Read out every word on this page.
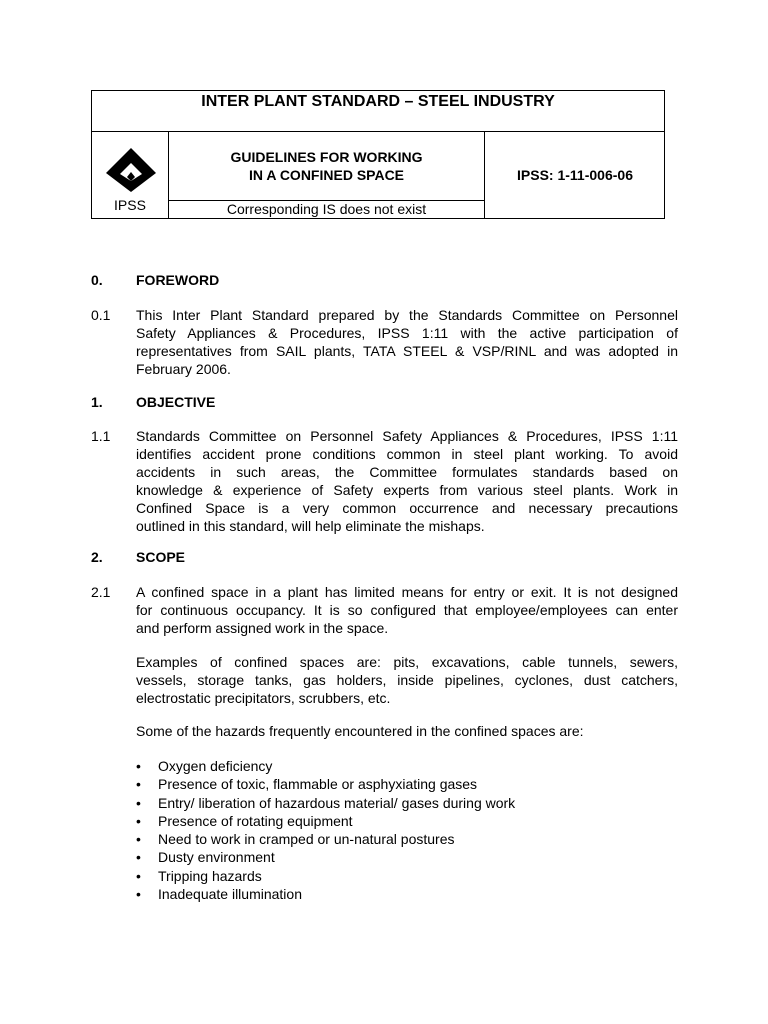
INTER PLANT STANDARD – STEEL INDUSTRY
IPSS
GUIDELINES FOR WORKING
IN A CONFINED SPACE
Corresponding IS does not exist
IPSS: 1-11-006-06
0. FOREWORD
0.1 This Inter Plant Standard prepared by the Standards Committee on Personnel
Safety Appliances & Procedures, IPSS 1:11 with the active participation of
representatives from SAIL plants, TATA STEEL & VSP/RINL and was adopted in
February 2006.
1. OBJECTIVE
1.1 Standards Committee on Personnel Safety Appliances & Procedures, IPSS 1:11
identifies accident prone conditions common in steel plant working. To avoid
accidents in such areas, the Committee formulates standards based on
knowledge & experience of Safety experts from various steel plants. Work in
Confined Space is a very common occurrence and necessary precautions
outlined in this standard, will help eliminate the mishaps.
2. SCOPE
2.1 A confined space in a plant has limited means for entry or exit. It is not designed
for continuous occupancy. It is so configured that employee/employees can enter
and perform assigned work in the space.
Examples of confined spaces are: pits, excavations, cable tunnels, sewers,
vessels, storage tanks, gas holders, inside pipelines, cyclones, dust catchers,
electrostatic precipitators, scrubbers, etc.
Some of the hazards frequently encountered in the confined spaces are:
• Oxygen deficiency
• Presence of toxic, flammable or asphyxiating gases
• Entry/ liberation of hazardous material/ gases during work
• Presence of rotating equipment
• Need to work in cramped or un-natural postures
• Dusty environment
• Tripping hazards
• Inadequate illumination
